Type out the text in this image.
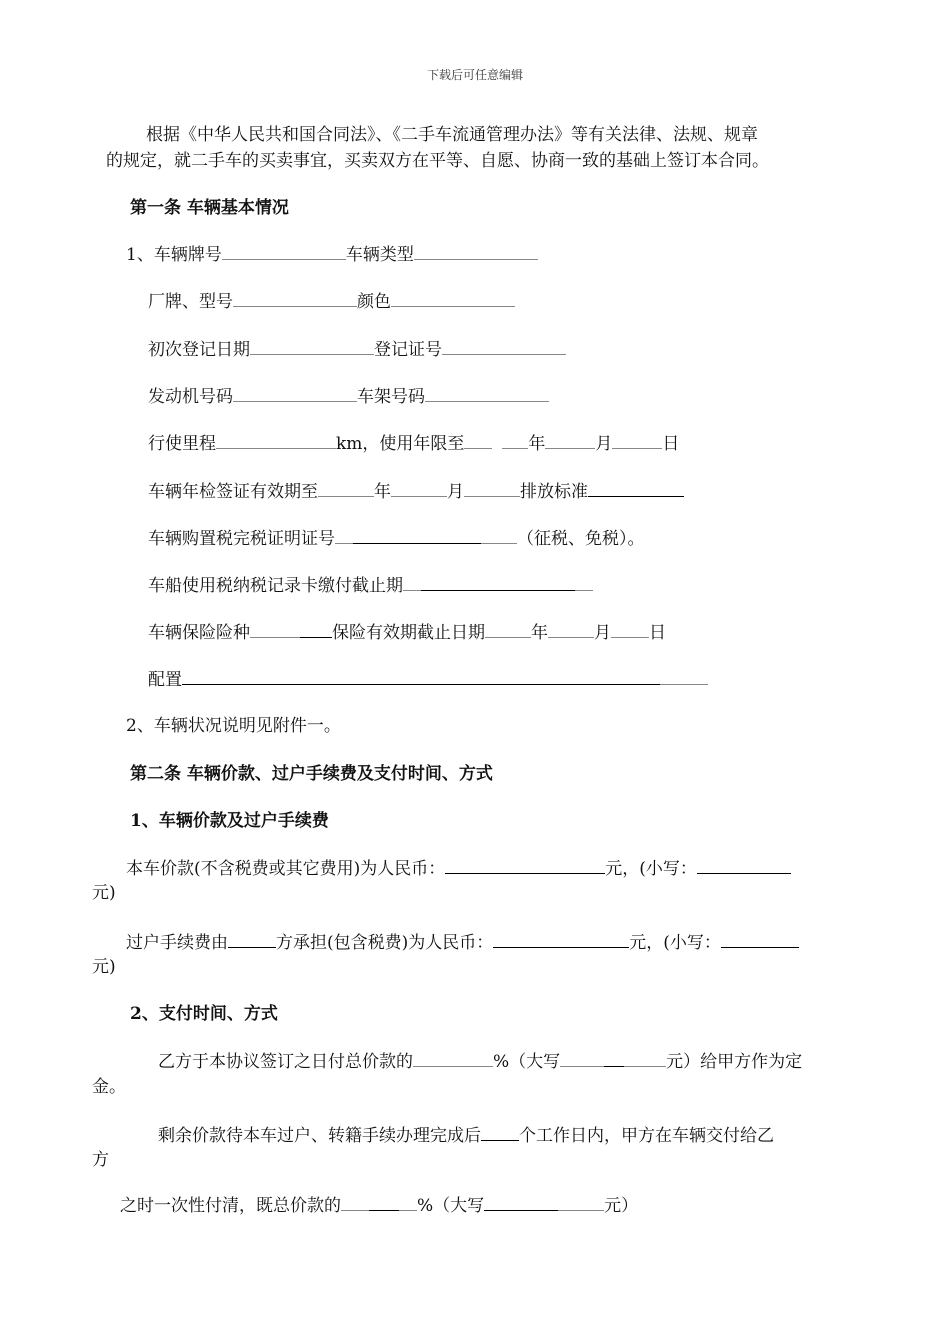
下载后可任意编辑
根据《中华人民共和国合同法》、《二手车流通管理办法》等有关法律、法规、规章
的规定，就二手车的买卖事宜，买卖双方在平等、自愿、协商一致的基础上签订本合同。
第一条 车辆基本情况
1、车辆牌号	车辆类型
厂牌、型号	颜色
初次登记日期	登记证号
发动机号码	车架号码
行使里程	km，使用年限至	年	月	日
车辆年检签证有效期至	年	月	排放标准
车辆购置税完税证明证号	（征税、免税）。
车船使用税纳税记录卡缴付截止期
车辆保险险种	保险有效期截止日期	年	月 日
配置
2、车辆状况说明见附件一。
第二条 车辆价款、过户手续费及支付时间、方式
1、车辆价款及过户手续费
本车价款(不含税费或其它费用)为人民币：	元，(小写：
元)
过户手续费由	方承担(包含税费)为人民币：	元，(小写：
元)
2、支付时间、方式
乙方于本协议签订之日付总价款的	%（大写	元）给甲方作为定
金。
剩余价款待本车过户、转籍手续办理完成后 个工作日内，甲方在车辆交付给乙
方
之时一次性付清，既总价款的	%（大写	元）
